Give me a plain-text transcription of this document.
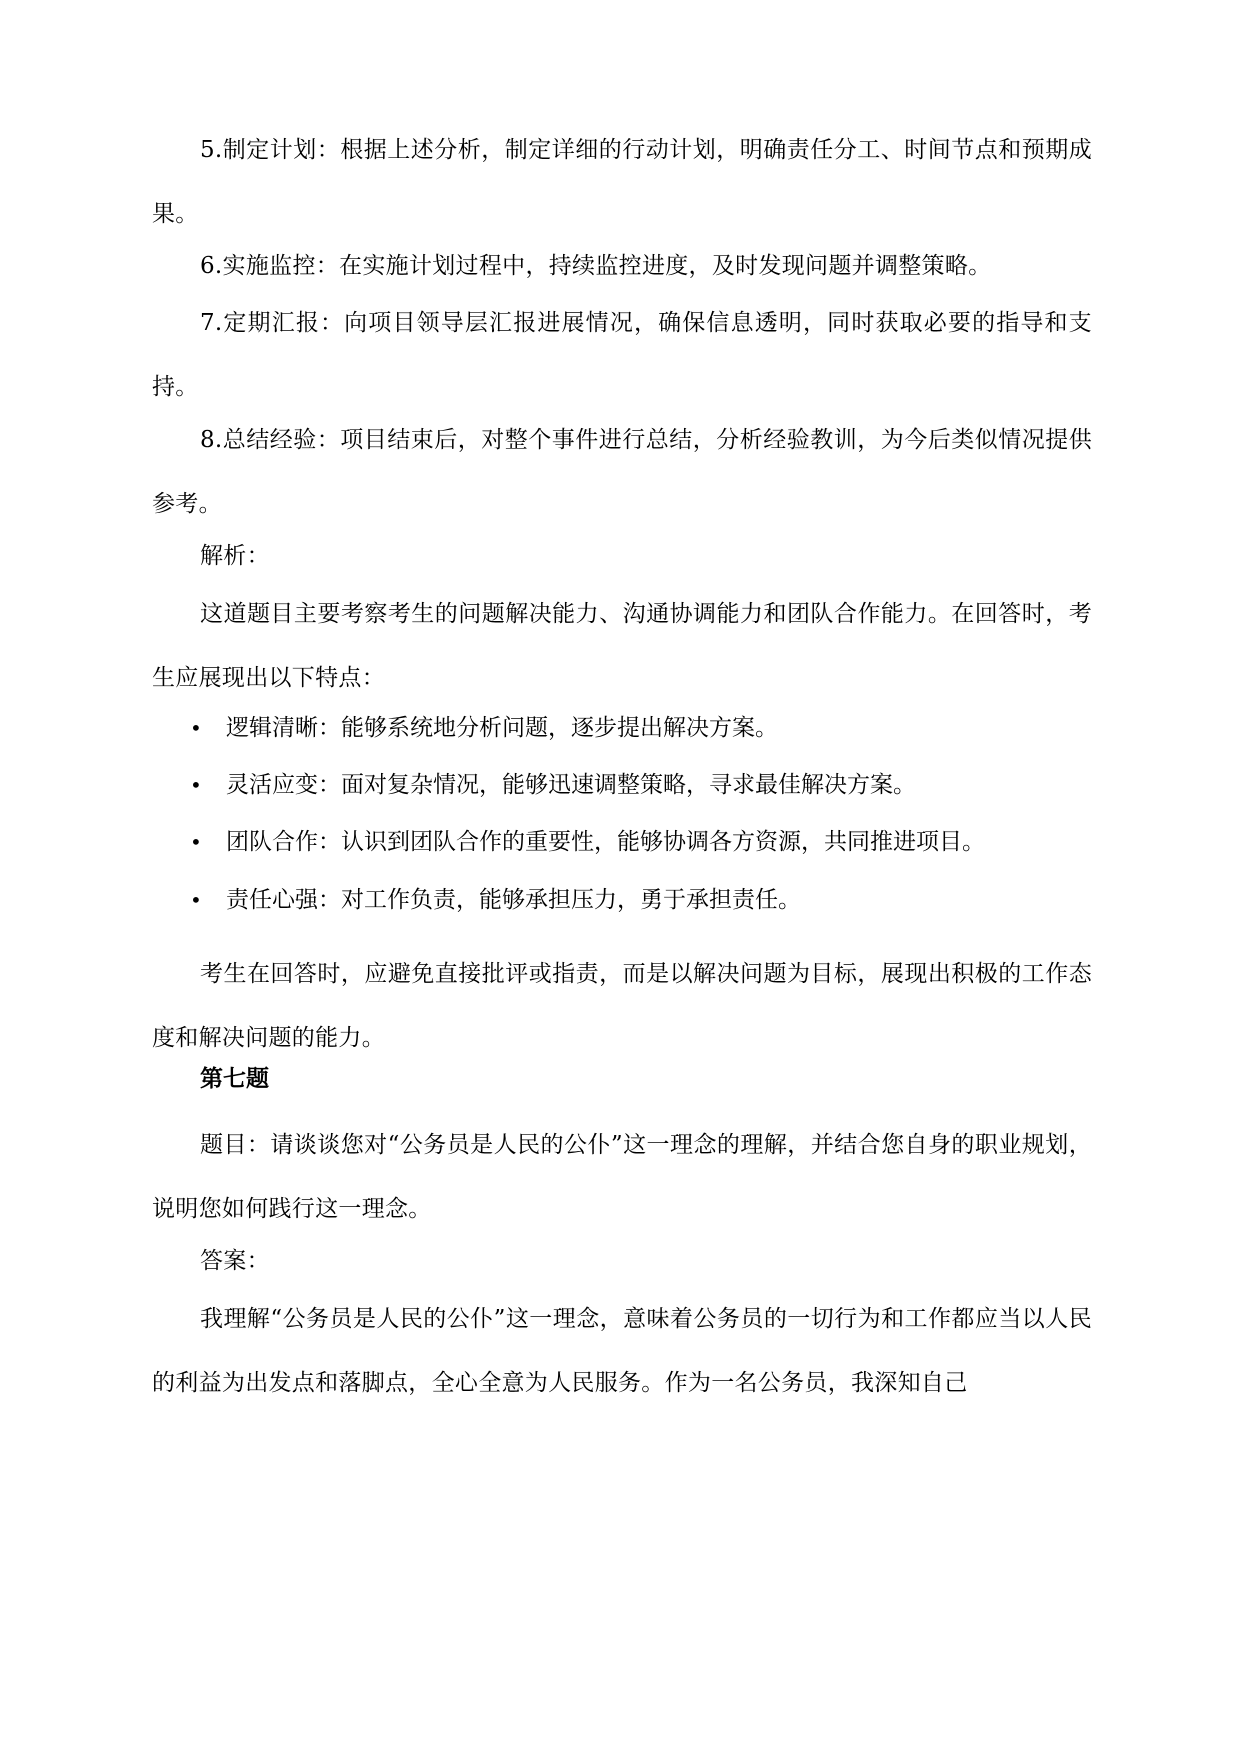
5.制定计划：根据上述分析，制定详细的行动计划，明确责任分工、时间节点和预期成果。

6.实施监控：在实施计划过程中，持续监控进度，及时发现问题并调整策略。

7.定期汇报：向项目领导层汇报进展情况，确保信息透明，同时获取必要的指导和支持。

8.总结经验：项目结束后，对整个事件进行总结，分析经验教训，为今后类似情况提供参考。

解析：

这道题目主要考察考生的问题解决能力、沟通协调能力和团队合作能力。在回答时，考生应展现出以下特点：

• 逻辑清晰：能够系统地分析问题，逐步提出解决方案。
• 灵活应变：面对复杂情况，能够迅速调整策略，寻求最佳解决方案。
• 团队合作：认识到团队合作的重要性，能够协调各方资源，共同推进项目。
• 责任心强：对工作负责，能够承担压力，勇于承担责任。

考生在回答时，应避免直接批评或指责，而是以解决问题为目标，展现出积极的工作态度和解决问题的能力。

第七题

题目：请谈谈您对“公务员是人民的公仆”这一理念的理解，并结合您自身的职业规划，说明您如何践行这一理念。

答案：

我理解“公务员是人民的公仆”这一理念，意味着公务员的一切行为和工作都应当以人民的利益为出发点和落脚点，全心全意为人民服务。作为一名公务员，我深知自己
